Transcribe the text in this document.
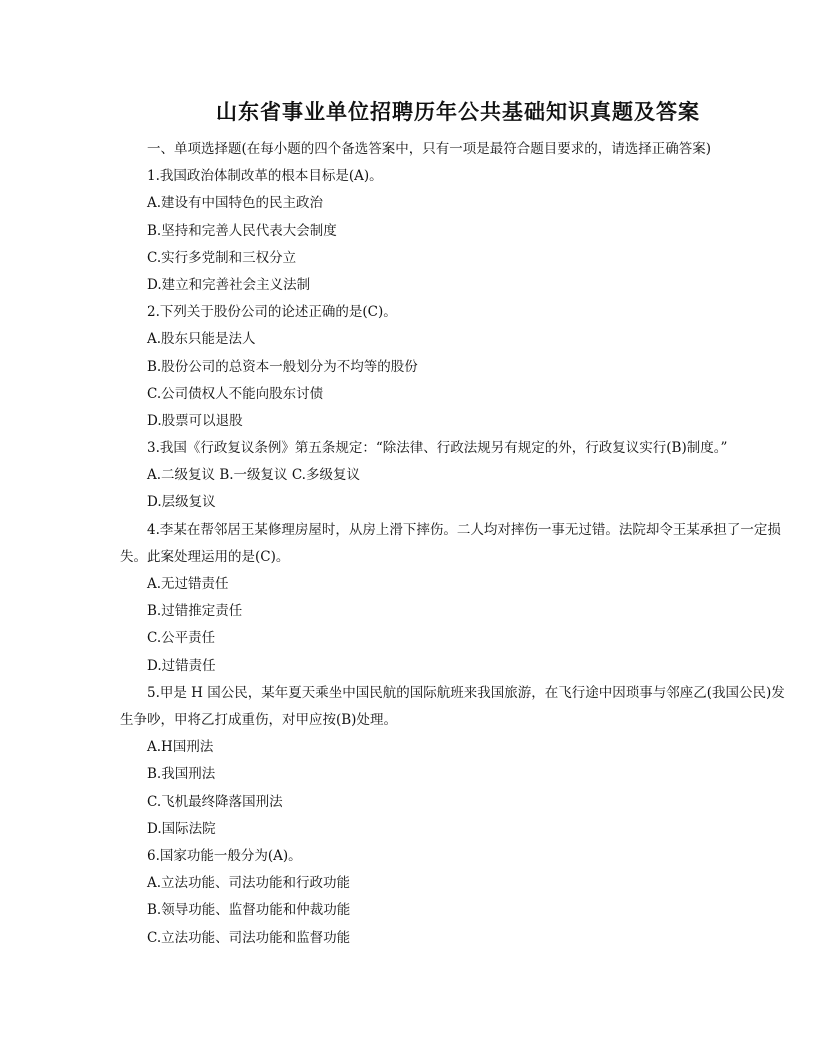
山东省事业单位招聘历年公共基础知识真题及答案
一、单项选择题(在每小题的四个备选答案中，只有一项是最符合题目要求的，请选择正确答案)
1.我国政治体制改革的根本目标是(A)。
A.建设有中国特色的民主政治
B.坚持和完善人民代表大会制度
C.实行多党制和三权分立
D.建立和完善社会主义法制
2.下列关于股份公司的论述正确的是(C)。
A.股东只能是法人
B.股份公司的总资本一般划分为不均等的股份
C.公司债权人不能向股东讨债
D.股票可以退股
3.我国《行政复议条例》第五条规定：“除法律、行政法规另有规定的外，行政复议实行(B)制度。”
A.二级复议 B.一级复议 C.多级复议
D.层级复议
4.李某在帮邻居王某修理房屋时，从房上滑下摔伤。二人均对摔伤一事无过错。法院却令王某承担了一定损失。此案处理运用的是(C)。
A.无过错责任
B.过错推定责任
C.公平责任
D.过错责任
5.甲是 H 国公民，某年夏天乘坐中国民航的国际航班来我国旅游，在飞行途中因琐事与邻座乙(我国公民)发生争吵，甲将乙打成重伤，对甲应按(B)处理。
A.H国刑法
B.我国刑法
C.飞机最终降落国刑法
D.国际法院
6.国家功能一般分为(A)。
A.立法功能、司法功能和行政功能
B.领导功能、监督功能和仲裁功能
C.立法功能、司法功能和监督功能
